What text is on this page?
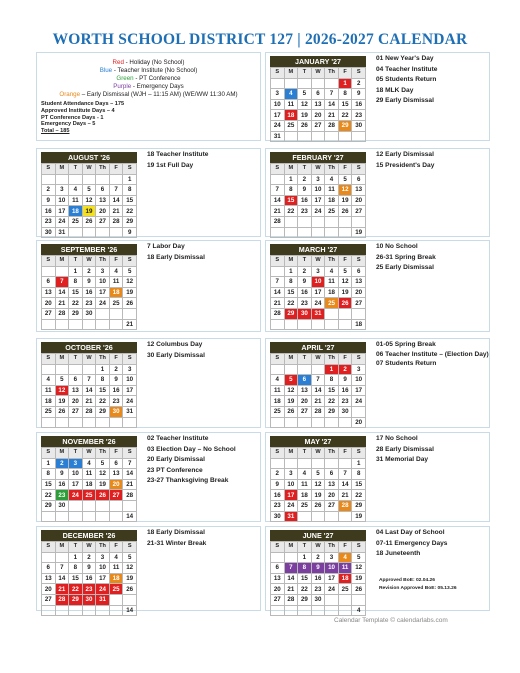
WORTH SCHOOL DISTRICT 127 | 2026-2027 CALENDAR
Red - Holiday (No School)
Blue - Teacher Institute (No School)
Green - PT Conference
Purple - Emergency Days
Orange – Early Dismissal (WJH – 11:15 AM) (WE/WW 11:30 AM)
Student Attendance Days – 175
Approved Institute Days – 4
PT Conference Days - 1
Emergency Days – 5
Total – 185
AUGUST '26
S	M	T	W	Th	F	S
						1
2	3	4	5	6	7	8
9	10	11	12	13	14	15
16	17	18	19	20	21	22
23	24	25	26	27	28	29
30	31					9
18 Teacher Institute
19 1st Full Day
SEPTEMBER '26
S	M	T	W	Th	F	S
		1	2	3	4	5
6	7	8	9	10	11	12
13	14	15	16	17	18	19
20	21	22	23	24	25	26
27	28	29	30			
						21
7 Labor Day
18 Early Dismissal
OCTOBER '26
S	M	T	W	Th	F	S
				1	2	3
4	5	6	7	8	9	10
11	12	13	14	15	16	17
18	19	20	21	22	23	24
25	26	27	28	29	30	31

12 Columbus Day
30 Early Dismissal
NOVEMBER '26
S	M	T	W	Th	F	S
1	2	3	4	5	6	7
8	9	10	11	12	13	14
15	16	17	18	19	20	21
22	23	24	25	26	27	28
29	30					
						14
02 Teacher Institute
03 Election Day – No School
20 Early Dismissal
23 PT Conference
23-27 Thanksgiving Break
DECEMBER '26
S	M	T	W	Th	F	S
		1	2	3	4	5
6	7	8	9	10	11	12
13	14	15	16	17	18	19
20	21	22	23	24	25	26
27	28	29	30	31		
						14
18 Early Dismissal
21-31 Winter Break
JANUARY '27
S	M	T	W	Th	F	S
					1	2
3	4	5	6	7	8	9
10	11	12	13	14	15	16
17	18	19	20	21	22	23
24	25	26	27	28	29	30
31						
01 New Year's Day
04 Teacher Institute
05 Students Return
18 MLK Day
29 Early Dismissal
FEBRUARY '27
S	M	T	W	Th	F	S
	1	2	3	4	5	6
7	8	9	10	11	12	13
14	15	16	17	18	19	20
21	22	23	24	25	26	27
28						
						19
12 Early Dismissal
15 President's Day
MARCH '27
S	M	T	W	Th	F	S
	1	2	3	4	5	6
7	8	9	10	11	12	13
14	15	16	17	18	19	20
21	22	23	24	25	26	27
28	29	30	31			
						18
10 No School
26-31 Spring Break
25 Early Dismissal
APRIL '27
S	M	T	W	Th	F	S
				1	2	3
4	5	6	7	8	9	10
11	12	13	14	15	16	17
18	19	20	21	22	23	24
25	26	27	28	29	30	
						20
01-05 Spring Break
06 Teacher Institute – (Election Day)
07 Students Return
MAY '27
S	M	T	W	Th	F	S
						1
2	3	4	5	6	7	8
9	10	11	12	13	14	15
16	17	18	19	20	21	22
23	24	25	26	27	28	29
30	31					19
17 No School
28 Early Dismissal
31 Memorial Day
JUNE '27
S	M	T	W	Th	F	S
		1	2	3	4	5
6	7	8	9	10	11	12
13	14	15	16	17	18	19
20	21	22	23	24	25	26
27	28	29	30			
						4
04 Last Day of School
07-11 Emergency Days
18 Juneteenth
Approved BoE: 02.04.26
Revision Approved BoE: 05.13.26
Calendar Template © calendarlabs.com
